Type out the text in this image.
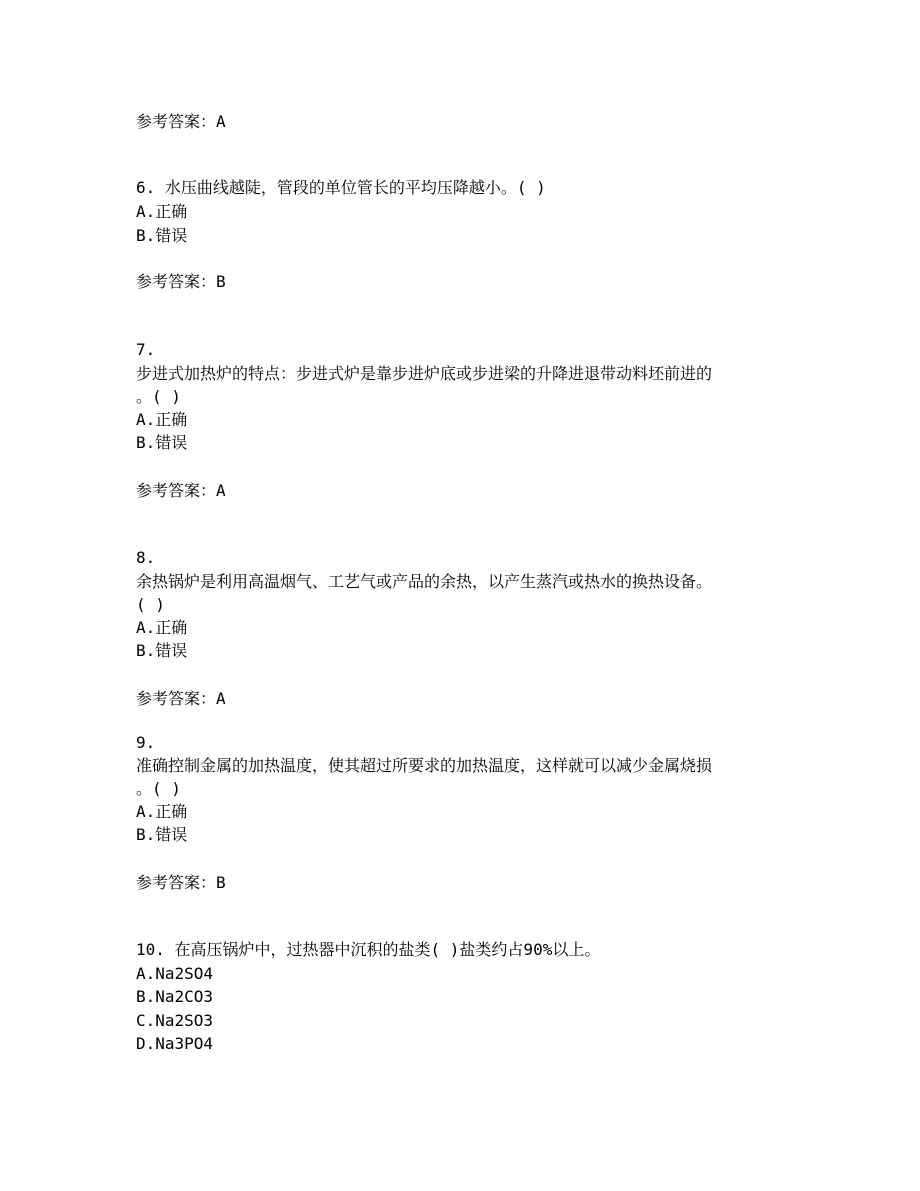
参考答案：A
6. 水压曲线越陡，管段的单位管长的平均压降越小。( )
A.正确
B.错误
参考答案：B
7.
步进式加热炉的特点：步进式炉是靠步进炉底或步进梁的升降进退带动料坯前进的
。( )
A.正确
B.错误
参考答案：A
8.
余热锅炉是利用高温烟气、工艺气或产品的余热，以产生蒸汽或热水的换热设备。
( )
A.正确
B.错误
参考答案：A
9.
准确控制金属的加热温度，使其超过所要求的加热温度，这样就可以减少金属烧损
。( )
A.正确
B.错误
参考答案：B
10. 在高压锅炉中，过热器中沉积的盐类( )盐类约占90%以上。
A.Na2SO4
B.Na2CO3
C.Na2SO3
D.Na3PO4
